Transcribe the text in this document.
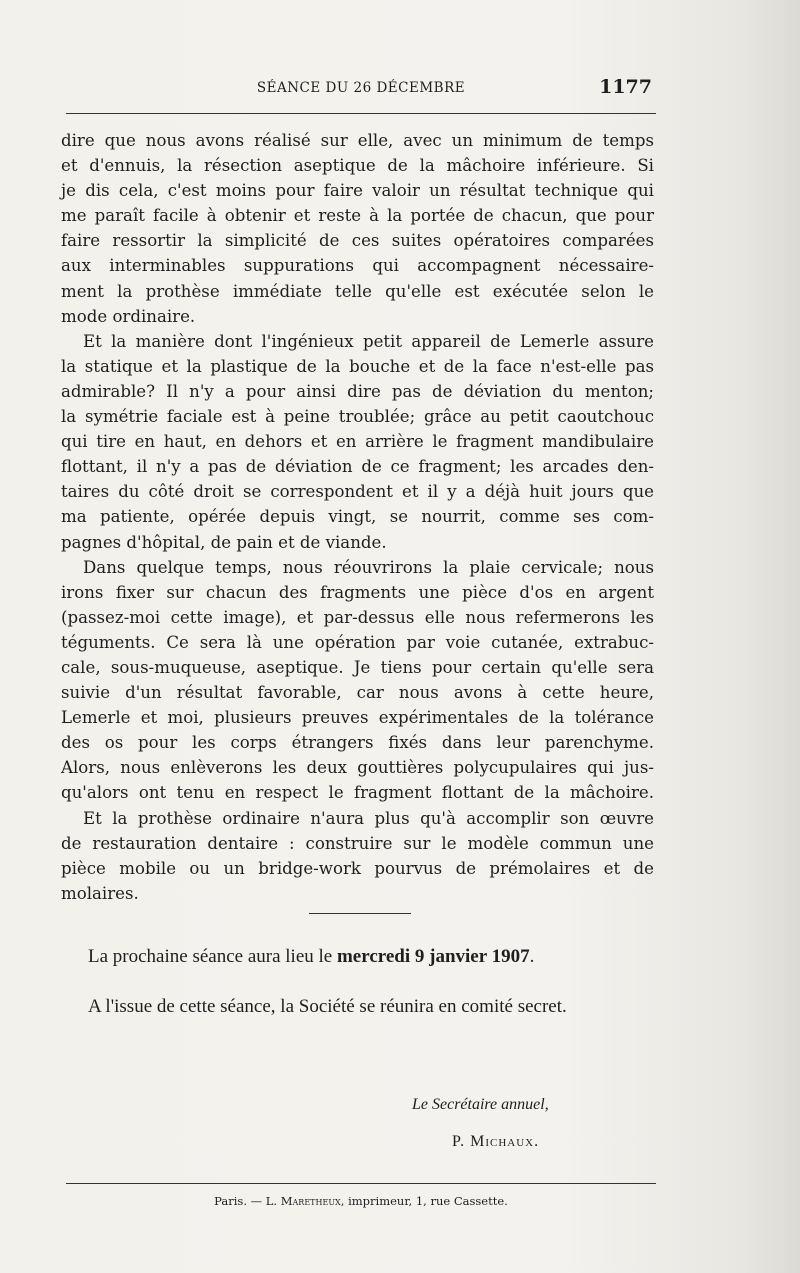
SÉANCE DU 26 DÉCEMBRE	1177
dire que nous avons réalisé sur elle, avec un minimum de temps
et d'ennuis, la résection aseptique de la mâchoire inférieure. Si
je dis cela, c'est moins pour faire valoir un résultat technique qui
me paraît facile à obtenir et reste à la portée de chacun, que pour
faire ressortir la simplicité de ces suites opératoires comparées
aux interminables suppurations qui accompagnent nécessaire-
ment la prothèse immédiate telle qu'elle est exécutée selon le
mode ordinaire.
Et la manière dont l'ingénieux petit appareil de Lemerle assure
la statique et la plastique de la bouche et de la face n'est-elle pas
admirable? Il n'y a pour ainsi dire pas de déviation du menton;
la symétrie faciale est à peine troublée; grâce au petit caoutchouc
qui tire en haut, en dehors et en arrière le fragment mandibulaire
flottant, il n'y a pas de déviation de ce fragment; les arcades den-
taires du côté droit se correspondent et il y a déjà huit jours que
ma patiente, opérée depuis vingt, se nourrit, comme ses com-
pagnes d'hôpital, de pain et de viande.
Dans quelque temps, nous réouvrirons la plaie cervicale; nous
irons fixer sur chacun des fragments une pièce d'os en argent
(passez-moi cette image), et par-dessus elle nous refermerons les
téguments. Ce sera là une opération par voie cutanée, extrabuc-
cale, sous-muqueuse, aseptique. Je tiens pour certain qu'elle sera
suivie d'un résultat favorable, car nous avons à cette heure,
Lemerle et moi, plusieurs preuves expérimentales de la tolérance
des os pour les corps étrangers fixés dans leur parenchyme.
Alors, nous enlèverons les deux gouttières polycupulaires qui jus-
qu'alors ont tenu en respect le fragment flottant de la mâchoire.
Et la prothèse ordinaire n'aura plus qu'à accomplir son œuvre
de restauration dentaire : construire sur le modèle commun une
pièce mobile ou un bridge-work pourvus de prémolaires et de
molaires.
La prochaine séance aura lieu le mercredi 9 janvier 1907.
A l'issue de cette séance, la Société se réunira en comité secret.
Le Secrétaire annuel,
P. Michaux.
Paris. — L. Maretheux, imprimeur, 1, rue Cassette.
